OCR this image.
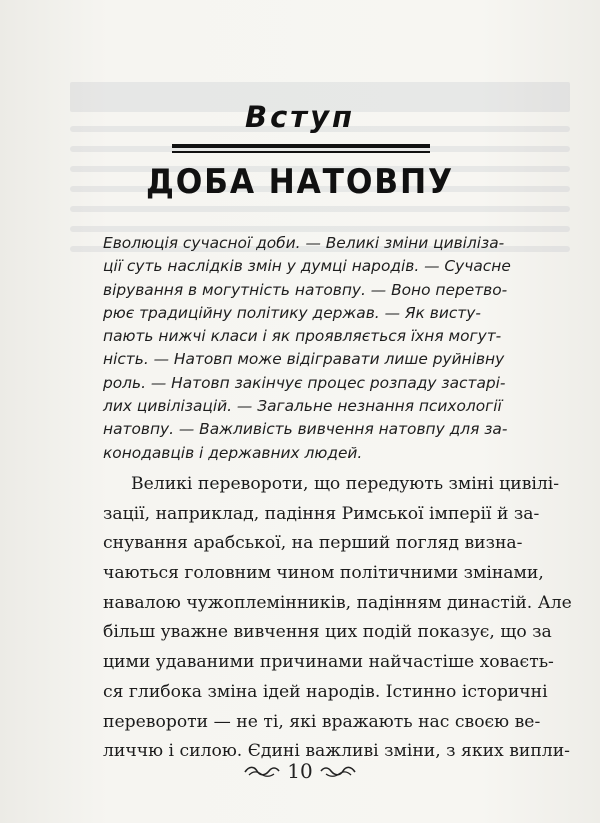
Вступ
ДОБА НАТОВПУ
Еволюція сучасної доби. — Великі зміни цивілізa-
ції суть наслідків змін у думці народів. — Сучасне
вірування в могутність натовпу. — Воно перетво-
рює традиційну політику держав. — Як висту-
пають нижчі класи і як проявляється їхня могут-
ність. — Натовп може відігравати лише руйнівну
роль. — Натовп закінчує процес розпаду застарі-
лих цивілізацій. — Загальне незнання психології
натовпу. — Важливість вивчення натовпу для за-
конодавців і державних людей.
Великі перевороти, що передують зміні цивілі-
зації, наприклад, падіння Римської імперії й за-
снування арабської, на перший погляд визна-
чаються головним чином політичними змінами,
навалою чужоплемінників, падінням династій. Але
більш уважне вивчення цих подій показує, що за
цими удаваними причинами найчастіше ховаєть-
ся глибока зміна ідей народів. Істинно історичні
перевороти — не ті, які вражають нас своєю ве-
личчю і силою. Єдині важливі зміни, з яких випли-
10
